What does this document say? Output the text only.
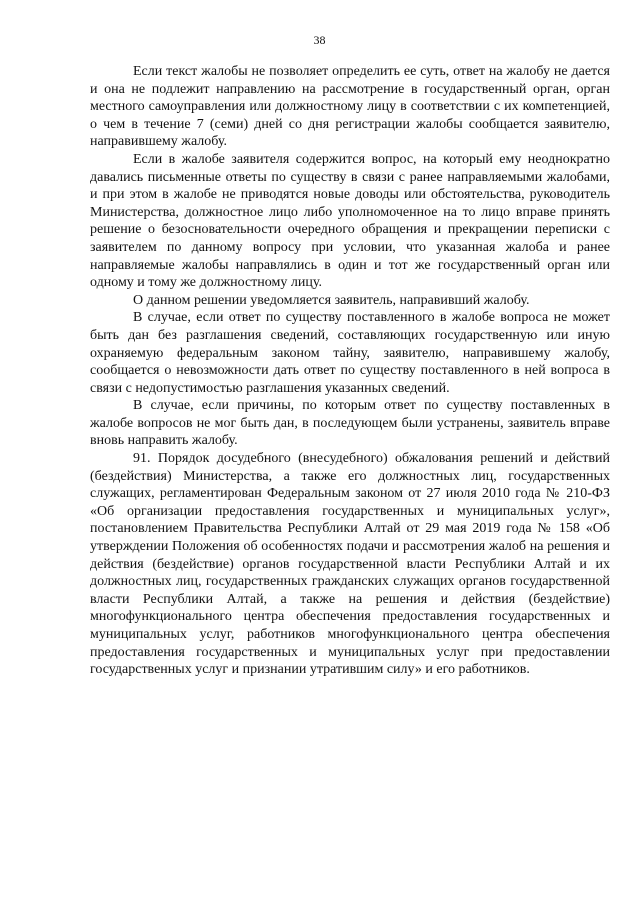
38

Если текст жалобы не позволяет определить ее суть, ответ на жалобу не дается и она не подлежит направлению на рассмотрение в государственный орган, орган местного самоуправления или должностному лицу в соответствии с их компетенцией, о чем в течение 7 (семи) дней со дня регистрации жалобы сообщается заявителю, направившему жалобу.

Если в жалобе заявителя содержится вопрос, на который ему неоднократно давались письменные ответы по существу в связи с ранее направляемыми жалобами, и при этом в жалобе не приводятся новые доводы или обстоятельства, руководитель Министерства, должностное лицо либо уполномоченное на то лицо вправе принять решение о безосновательности очередного обращения и прекращении переписки с заявителем по данному вопросу при условии, что указанная жалоба и ранее направляемые жалобы направлялись в один и тот же государственный орган или одному и тому же должностному лицу.

О данном решении уведомляется заявитель, направивший жалобу.

В случае, если ответ по существу поставленного в жалобе вопроса не может быть дан без разглашения сведений, составляющих государственную или иную охраняемую федеральным законом тайну, заявителю, направившему жалобу, сообщается о невозможности дать ответ по существу поставленного в ней вопроса в связи с недопустимостью разглашения указанных сведений.

В случае, если причины, по которым ответ по существу поставленных в жалобе вопросов не мог быть дан, в последующем были устранены, заявитель вправе вновь направить жалобу.

91. Порядок досудебного (внесудебного) обжалования решений и действий (бездействия) Министерства, а также его должностных лиц, государственных служащих, регламентирован Федеральным законом от 27 июля 2010 года № 210-ФЗ «Об организации предоставления государственных и муниципальных услуг», постановлением Правительства Республики Алтай от 29 мая 2019 года № 158 «Об утверждении Положения об особенностях подачи и рассмотрения жалоб на решения и действия (бездействие) органов государственной власти Республики Алтай и их должностных лиц, государственных гражданских служащих органов государственной власти Республики Алтай, а также на решения и действия (бездействие) многофункционального центра обеспечения предоставления государственных и муниципальных услуг, работников многофункционального центра обеспечения предоставления государственных и муниципальных услуг при предоставлении государственных услуг и признании утратившим силу» и его работников.
